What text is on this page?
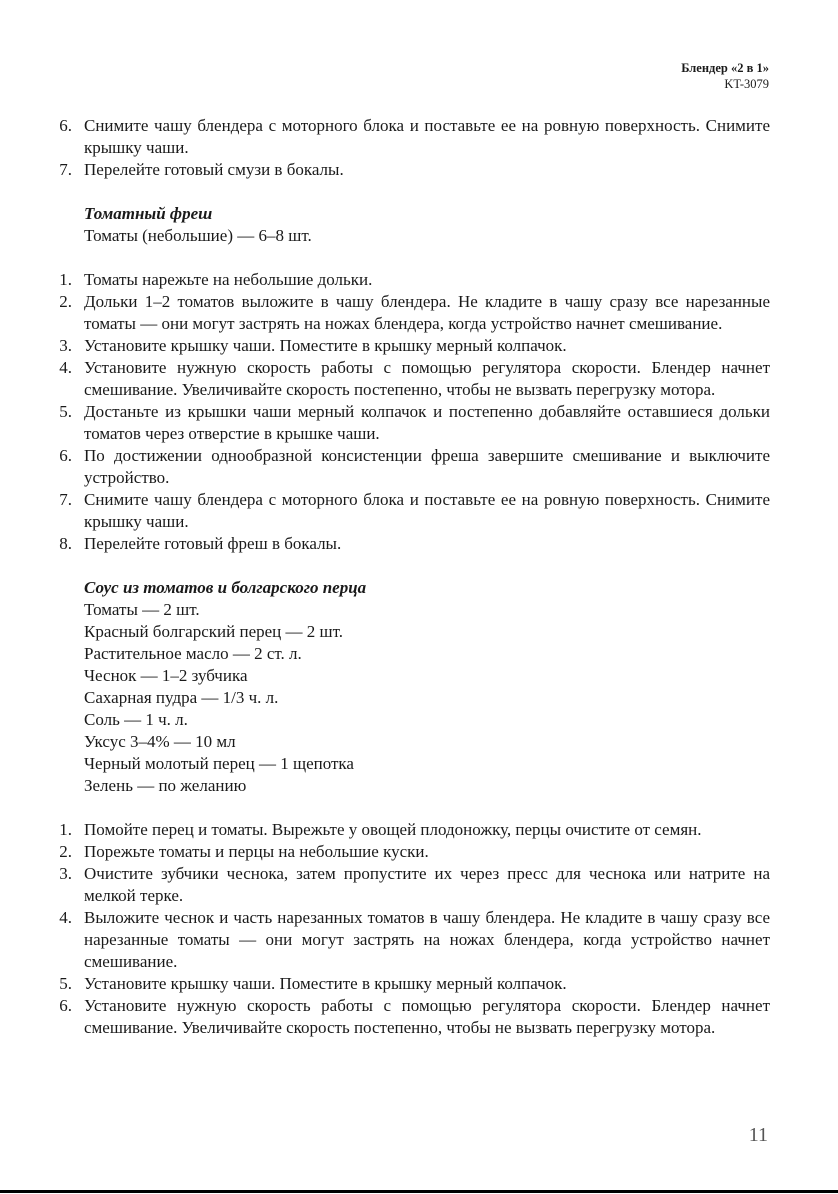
Блендер «2 в 1»
KT-3079
6. Снимите чашу блендера с моторного блока и поставьте ее на ровную поверхность. Снимите крышку чаши.
7. Перелейте готовый смузи в бокалы.
Томатный фреш
Томаты (небольшие) — 6–8 шт.
1. Томаты нарежьте на небольшие дольки.
2. Дольки 1–2 томатов выложите в чашу блендера. Не кладите в чашу сразу все нарезанные томаты — они могут застрять на ножах блендера, когда устройство начнет смешивание.
3. Установите крышку чаши. Поместите в крышку мерный колпачок.
4. Установите нужную скорость работы с помощью регулятора скорости. Блендер начнет смешивание. Увеличивайте скорость постепенно, чтобы не вызвать перегрузку мотора.
5. Достаньте из крышки чаши мерный колпачок и постепенно добавляйте оставшиеся дольки томатов через отверстие в крышке чаши.
6. По достижении однообразной консистенции фреша завершите смешивание и выключите устройство.
7. Снимите чашу блендера с моторного блока и поставьте ее на ровную поверхность. Снимите крышку чаши.
8. Перелейте готовый фреш в бокалы.
Соус из томатов и болгарского перца
Томаты — 2 шт.
Красный болгарский перец — 2 шт.
Растительное масло — 2 ст. л.
Чеснок — 1–2 зубчика
Сахарная пудра — 1/3 ч. л.
Соль — 1 ч. л.
Уксус 3–4% — 10 мл
Черный молотый перец — 1 щепотка
Зелень — по желанию
1. Помойте перец и томаты. Вырежьте у овощей плодоножку, перцы очистите от семян.
2. Порежьте томаты и перцы на небольшие куски.
3. Очистите зубчики чеснока, затем пропустите их через пресс для чеснока или натрите на мелкой терке.
4. Выложите чеснок и часть нарезанных томатов в чашу блендера. Не кладите в чашу сразу все нарезанные томаты — они могут застрять на ножах блендера, когда устройство начнет смешивание.
5. Установите крышку чаши. Поместите в крышку мерный колпачок.
6. Установите нужную скорость работы с помощью регулятора скорости. Блендер начнет смешивание. Увеличивайте скорость постепенно, чтобы не вызвать перегрузку мотора.
11
